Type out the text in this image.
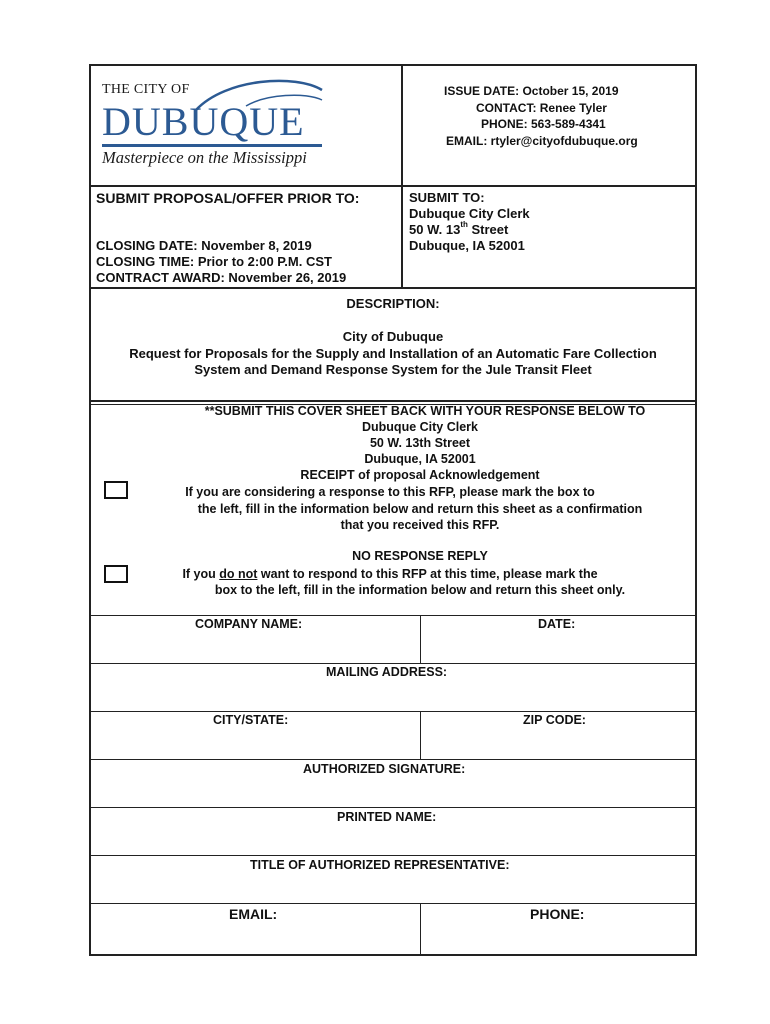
THE CITY OF
DUBUQUE
Masterpiece on the Mississippi
ISSUE DATE: October 15, 2019
CONTACT: Renee Tyler
PHONE: 563-589-4341
EMAIL: rtyler@cityofdubuque.org
SUBMIT PROPOSAL/OFFER PRIOR TO:
CLOSING DATE: November 8, 2019
CLOSING TIME: Prior to 2:00 P.M. CST
CONTRACT AWARD: November 26, 2019
SUBMIT TO:
Dubuque City Clerk
50 W. 13th Street
Dubuque, IA 52001
DESCRIPTION:
City of Dubuque
Request for Proposals for the Supply and Installation of an Automatic Fare Collection
System and Demand Response System for the Jule Transit Fleet
**SUBMIT THIS COVER SHEET BACK WITH YOUR RESPONSE BELOW TO
Dubuque City Clerk
50 W. 13th Street
Dubuque, IA 52001
RECEIPT of proposal Acknowledgement
If you are considering a response to this RFP, please mark the box to
the left, fill in the information below and return this sheet as a confirmation
that you received this RFP.
NO RESPONSE REPLY
If you do not want to respond to this RFP at this time, please mark the
box to the left, fill in the information below and return this sheet only.
COMPANY NAME:	DATE:
MAILING ADDRESS:
CITY/STATE:	ZIP CODE:
AUTHORIZED SIGNATURE:
PRINTED NAME:
TITLE OF AUTHORIZED REPRESENTATIVE:
EMAIL:	PHONE:
